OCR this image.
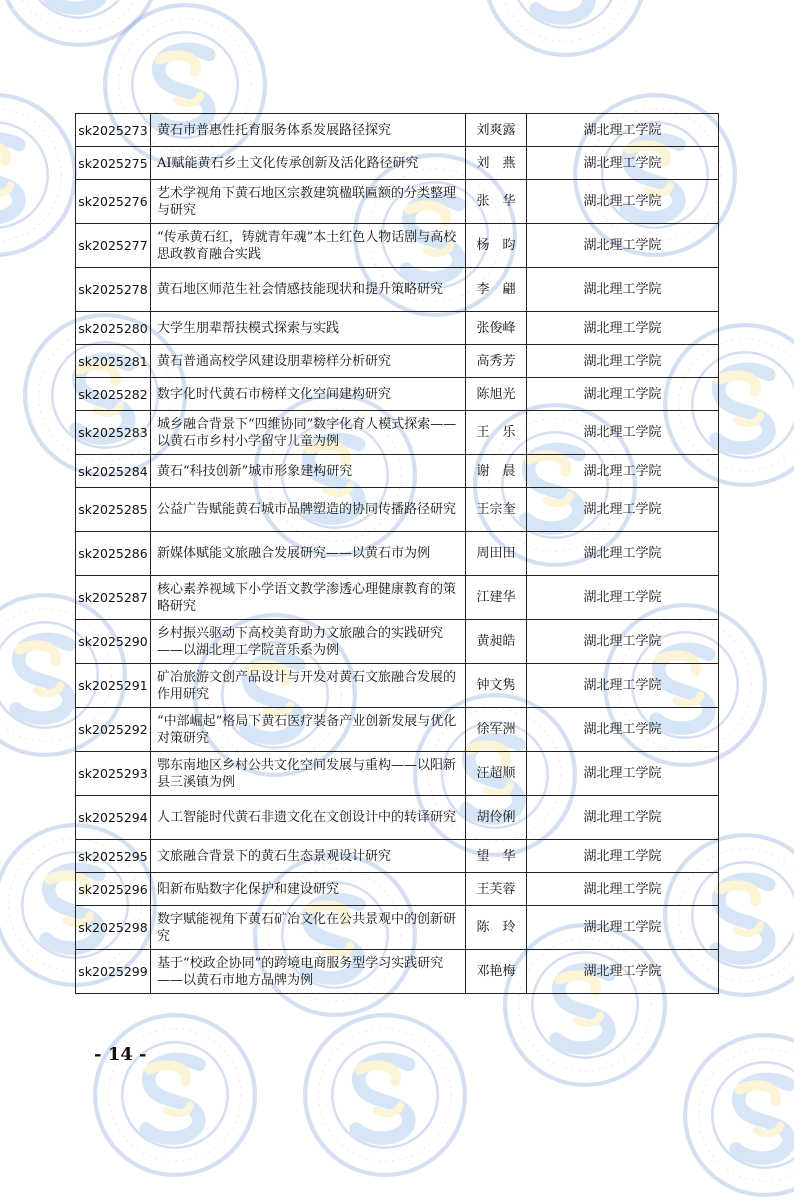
sk2025273	黄石市普惠性托育服务体系发展路径探究	刘爽露	湖北理工学院
sk2025275	AI赋能黄石乡土文化传承创新及活化路径研究	刘　燕	湖北理工学院
sk2025276	艺术学视角下黄石地区宗教建筑楹联匾额的分类整理与研究	张　华	湖北理工学院
sk2025277	“传承黄石红，铸就青年魂”本土红色人物话剧与高校思政教育融合实践	杨　昀	湖北理工学院
sk2025278	黄石地区师范生社会情感技能现状和提升策略研究	李　翩	湖北理工学院
sk2025280	大学生朋辈帮扶模式探索与实践	张俊峰	湖北理工学院
sk2025281	黄石普通高校学风建设朋辈榜样分析研究	高秀芳	湖北理工学院
sk2025282	数字化时代黄石市榜样文化空间建构研究	陈旭光	湖北理工学院
sk2025283	城乡融合背景下“四维协同”数字化育人模式探索——以黄石市乡村小学留守儿童为例	王　乐	湖北理工学院
sk2025284	黄石“科技创新”城市形象建构研究	谢　晨	湖北理工学院
sk2025285	公益广告赋能黄石城市品牌塑造的协同传播路径研究	王宗奎	湖北理工学院
sk2025286	新媒体赋能文旅融合发展研究——以黄石市为例	周田田	湖北理工学院
sk2025287	核心素养视域下小学语文教学渗透心理健康教育的策略研究	江建华	湖北理工学院
sk2025290	乡村振兴驱动下高校美育助力文旅融合的实践研究——以湖北理工学院音乐系为例	黄昶皓	湖北理工学院
sk2025291	矿冶旅游文创产品设计与开发对黄石文旅融合发展的作用研究	钟文隽	湖北理工学院
sk2025292	“中部崛起”格局下黄石医疗装备产业创新发展与优化对策研究	徐军洲	湖北理工学院
sk2025293	鄂东南地区乡村公共文化空间发展与重构——以阳新县三溪镇为例	汪超顺	湖北理工学院
sk2025294	人工智能时代黄石非遗文化在文创设计中的转译研究	胡伶俐	湖北理工学院
sk2025295	文旅融合背景下的黄石生态景观设计研究	望　华	湖北理工学院
sk2025296	阳新布贴数字化保护和建设研究	王芙蓉	湖北理工学院
sk2025298	数字赋能视角下黄石矿冶文化在公共景观中的创新研究	陈　玲	湖北理工学院
sk2025299	基于“校政企协同”的跨境电商服务型学习实践研究——以黄石市地方品牌为例	邓艳梅	湖北理工学院
- 14 -
